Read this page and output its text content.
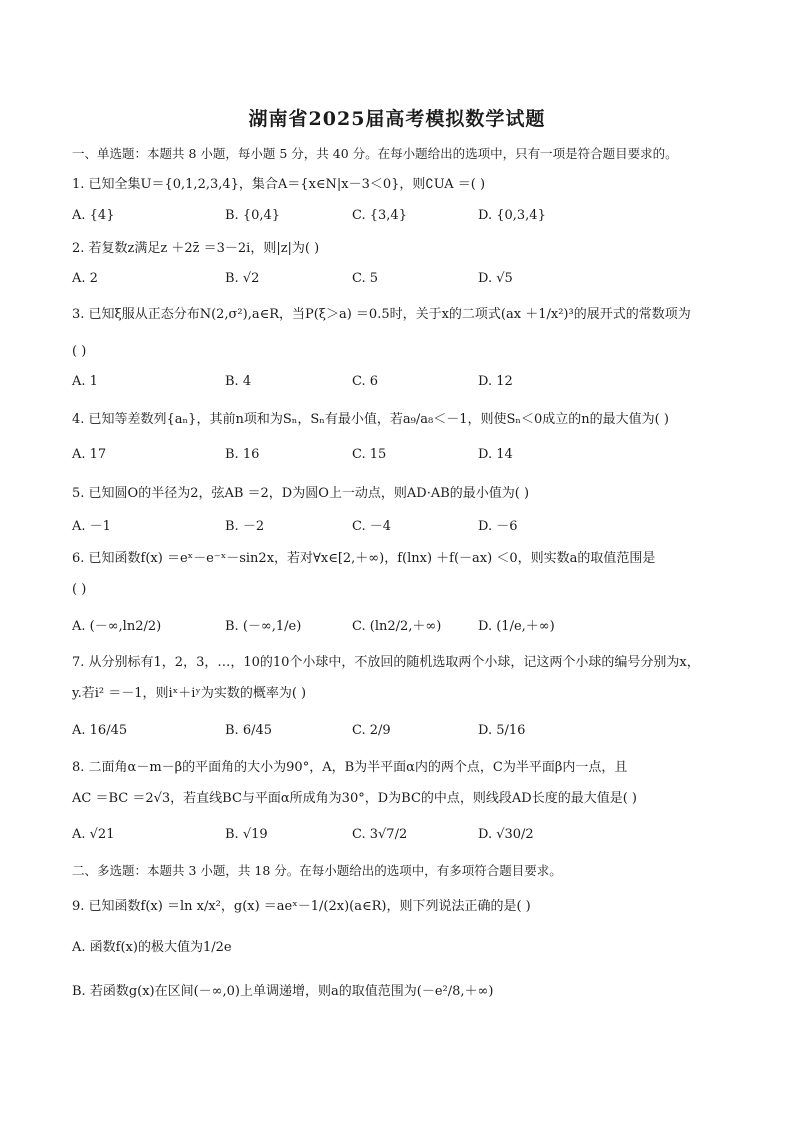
湖南省2025届高考模拟数学试题
一、单选题：本题共 8 小题，每小题 5 分，共 40 分。在每小题给出的选项中，只有一项是符合题目要求的。
1. 已知全集U＝{0,1,2,3,4}，集合A＝{x∈N|x－3＜0}，则∁UA ＝( )
A. {4}	B. {0,4}	C. {3,4}	D. {0,3,4}
2. 若复数z满足z ＋2z̄ ＝3－2i，则|z|为( )
A. 2	B. √2	C. 5	D. √5
3. 已知ξ服从正态分布N(2,σ²),a∈R，当P(ξ＞a) ＝0.5时，关于x的二项式(ax ＋1/x²)³的展开式的常数项为
( )
A. 1	B. 4	C. 6	D. 12
4. 已知等差数列{aₙ}，其前n项和为Sₙ，Sₙ有最小值，若a₉/a₈＜－1，则使Sₙ＜0成立的n的最大值为( )
A. 17	B. 16	C. 15	D. 14
5. 已知圆O的半径为2，弦AB ＝2，D为圆O上一动点，则AD·AB的最小值为( )
A. －1	B. －2	C. －4	D. －6
6. 已知函数f(x) ＝eˣ－e⁻ˣ－sin2x，若对∀x∈[2,＋∞)，f(lnx) ＋f(－ax) ＜0，则实数a的取值范围是
( )
A. (－∞,ln2/2)	B. (－∞,1/e)	C. (ln2/2,＋∞)	D. (1/e,＋∞)
7. 从分别标有1，2，3，…，10的10个小球中，不放回的随机选取两个小球，记这两个小球的编号分别为x，
y.若i² ＝－1，则iˣ＋iʸ为实数的概率为( )
A. 16/45	B. 6/45	C. 2/9	D. 5/16
8. 二面角α－m－β的平面角的大小为90°，A，B为半平面α内的两个点，C为半平面β内一点，且
AC ＝BC ＝2√3，若直线BC与平面α所成角为30°，D为BC的中点，则线段AD长度的最大值是( )
A. √21	B. √19	C. 3√7/2	D. √30/2
二、多选题：本题共 3 小题，共 18 分。在每小题给出的选项中，有多项符合题目要求。
9. 已知函数f(x) ＝ln x/x²，g(x) ＝aeˣ－1/(2x)(a∈R)，则下列说法正确的是( )
A. 函数f(x)的极大值为1/2e
B. 若函数g(x)在区间(－∞,0)上单调递增，则a的取值范围为(－e²/8,＋∞)
